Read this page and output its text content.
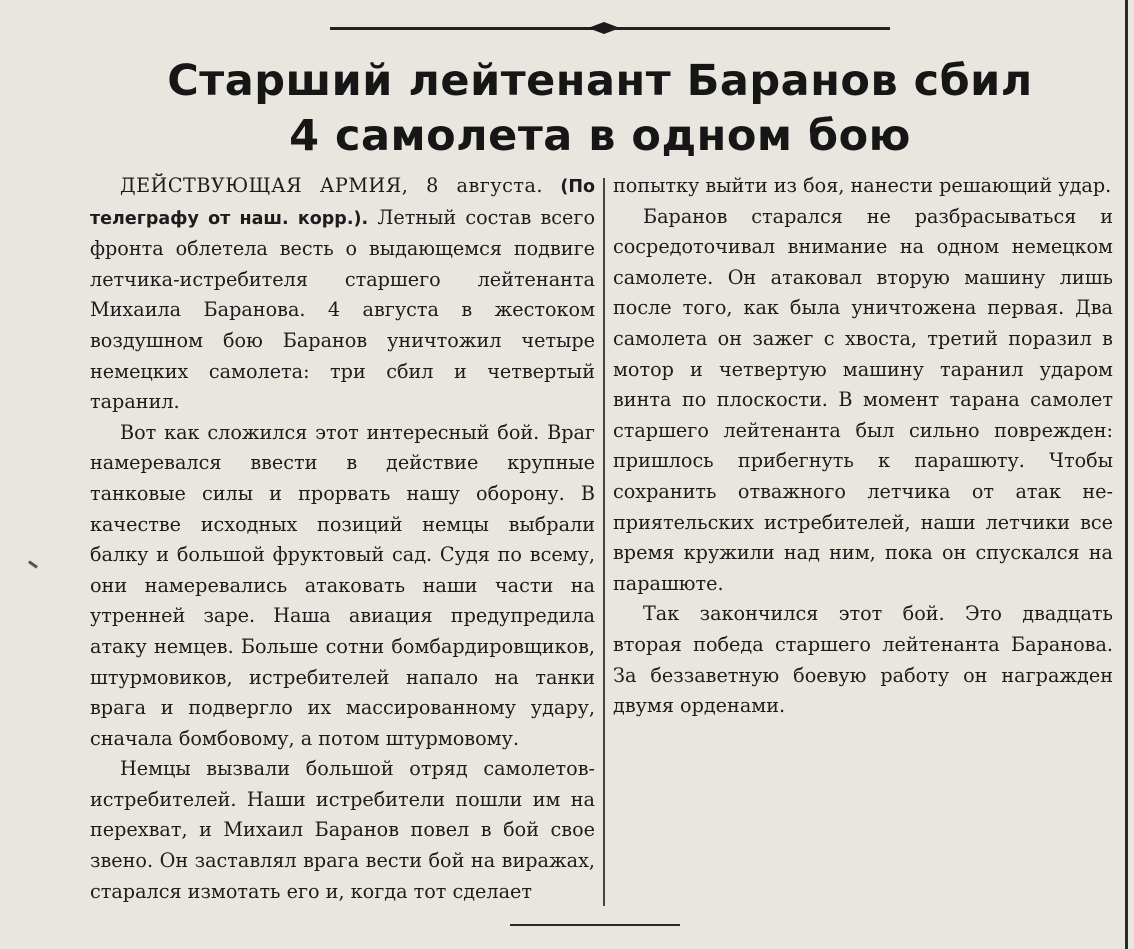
Старший лейтенант Баранов сбил
4 самолета в одном бою

ДЕЙСТВУЮЩАЯ АРМИЯ, 8 августа. (По телеграфу от наш. корр.). Летный состав всего фронта облетела весть о выдающемся подвиге летчика-истребителя старшего лейтенанта Михаила Баранова. 4 августа в жестоком воздушном бою Баранов уничтожил четыре немецких самолета: три сбил и четвертый таранил.

Вот как сложился этот интересный бой. Враг намеревался ввести в действие крупные танковые силы и прорвать нашу оборону. В качестве исходных позиций немцы выбрали балку и большой фруктовый сад. Судя по всему, они намеревались атаковать наши части на утренней заре. Наша авиация предупредила атаку немцев. Больше сотни бомбардировщиков, штурмовиков, истребителей напало на танки врага и подвергло их массированному удару, сначала бомбовому, а потом штурмовому.

Немцы вызвали большой отряд самолетов-истребителей. Наши истребители пошли им на перехват, и Михаил Баранов повел в бой свое звено. Он заставлял врага вести бой на виражах, старался измотать его и, когда тот сделает

попытку выйти из боя, нанести решающий удар.

Баранов старался не разбрасываться и сосредоточивал внимание на одном немецком самолете. Он атаковал вторую машину лишь после того, как была уничтожена первая. Два самолета он зажег с хвоста, третий поразил в мотор и четвертую машину таранил ударом винта по плоскости. В момент тарана самолет старшего лейтенанта был сильно поврежден: пришлось прибегнуть к парашюту. Чтобы сохранить отважного летчика от атак неприятельских истребителей, наши летчики все время кружили над ним, пока он спускался на парашюте.

Так закончился этот бой. Это двадцать вторая победа старшего лейтенанта Баранова. За беззаветную боевую работу он награжден двумя орденами.
